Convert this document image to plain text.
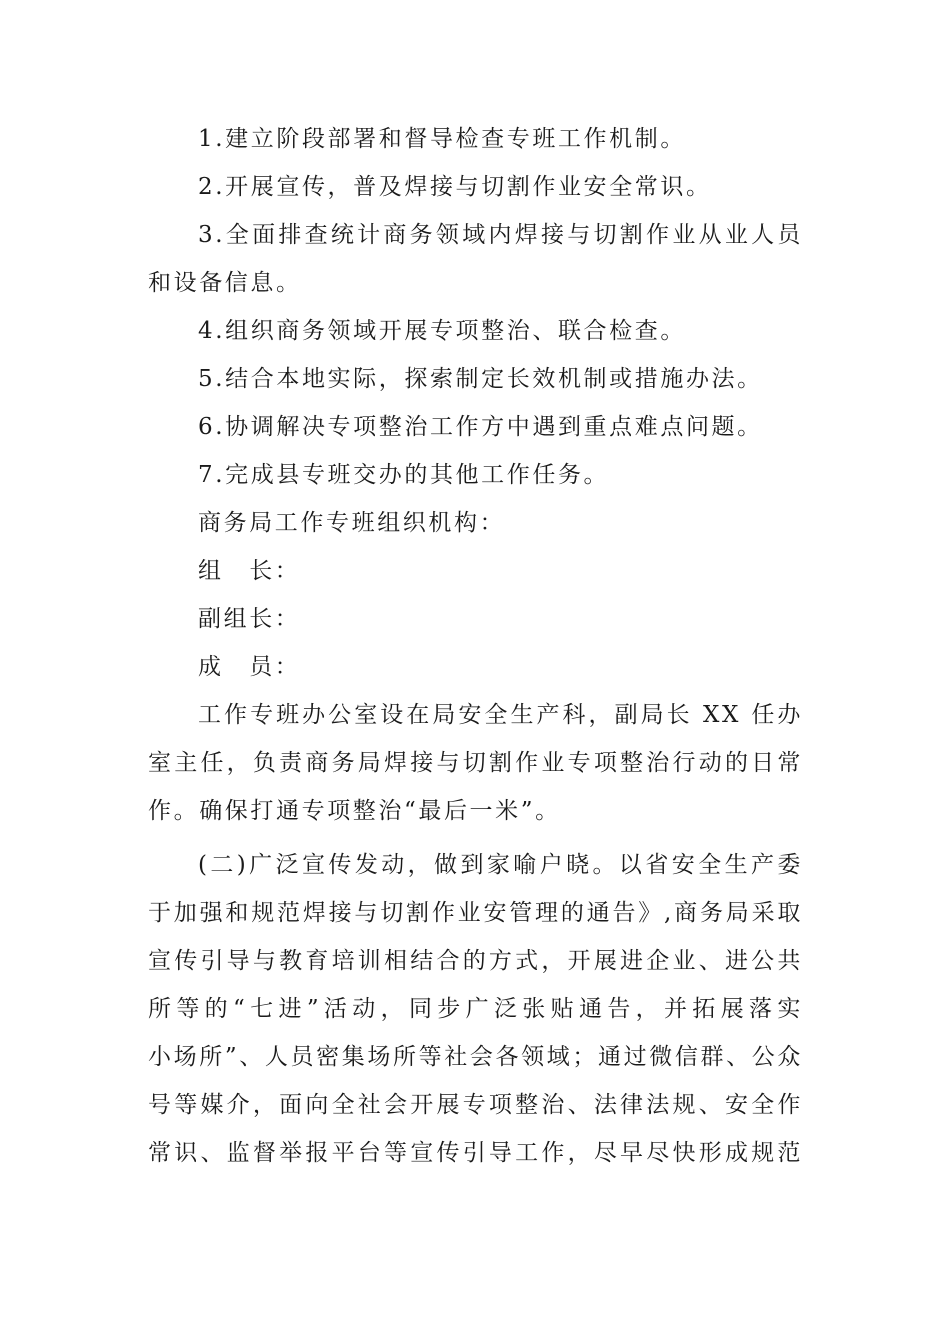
1.建立阶段部署和督导检查专班工作机制。
2.开展宣传，普及焊接与切割作业安全常识。
3.全面排查统计商务领域内焊接与切割作业从业人员
和设备信息。
4.组织商务领域开展专项整治、联合检查。
5.结合本地实际，探索制定长效机制或措施办法。
6.协调解决专项整治工作方中遇到重点难点问题。
7.完成县专班交办的其他工作任务。
商务局工作专班组织机构：
组　长：
副组长：
成　员：
工作专班办公室设在局安全生产科，副局长 XX 任办
室主任，负责商务局焊接与切割作业专项整治行动的日常
作。确保打通专项整治“最后一米”。
(二)广泛宣传发动，做到家喻户晓。以省安全生产委
于加强和规范焊接与切割作业安管理的通告》,商务局采取
宣传引导与教育培训相结合的方式，开展进企业、进公共
所等的“七进”活动，同步广泛张贴通告，并拓展落实
小场所”、人员密集场所等社会各领域；通过微信群、公众
号等媒介，面向全社会开展专项整治、法律法规、安全作
常识、监督举报平台等宣传引导工作，尽早尽快形成规范
